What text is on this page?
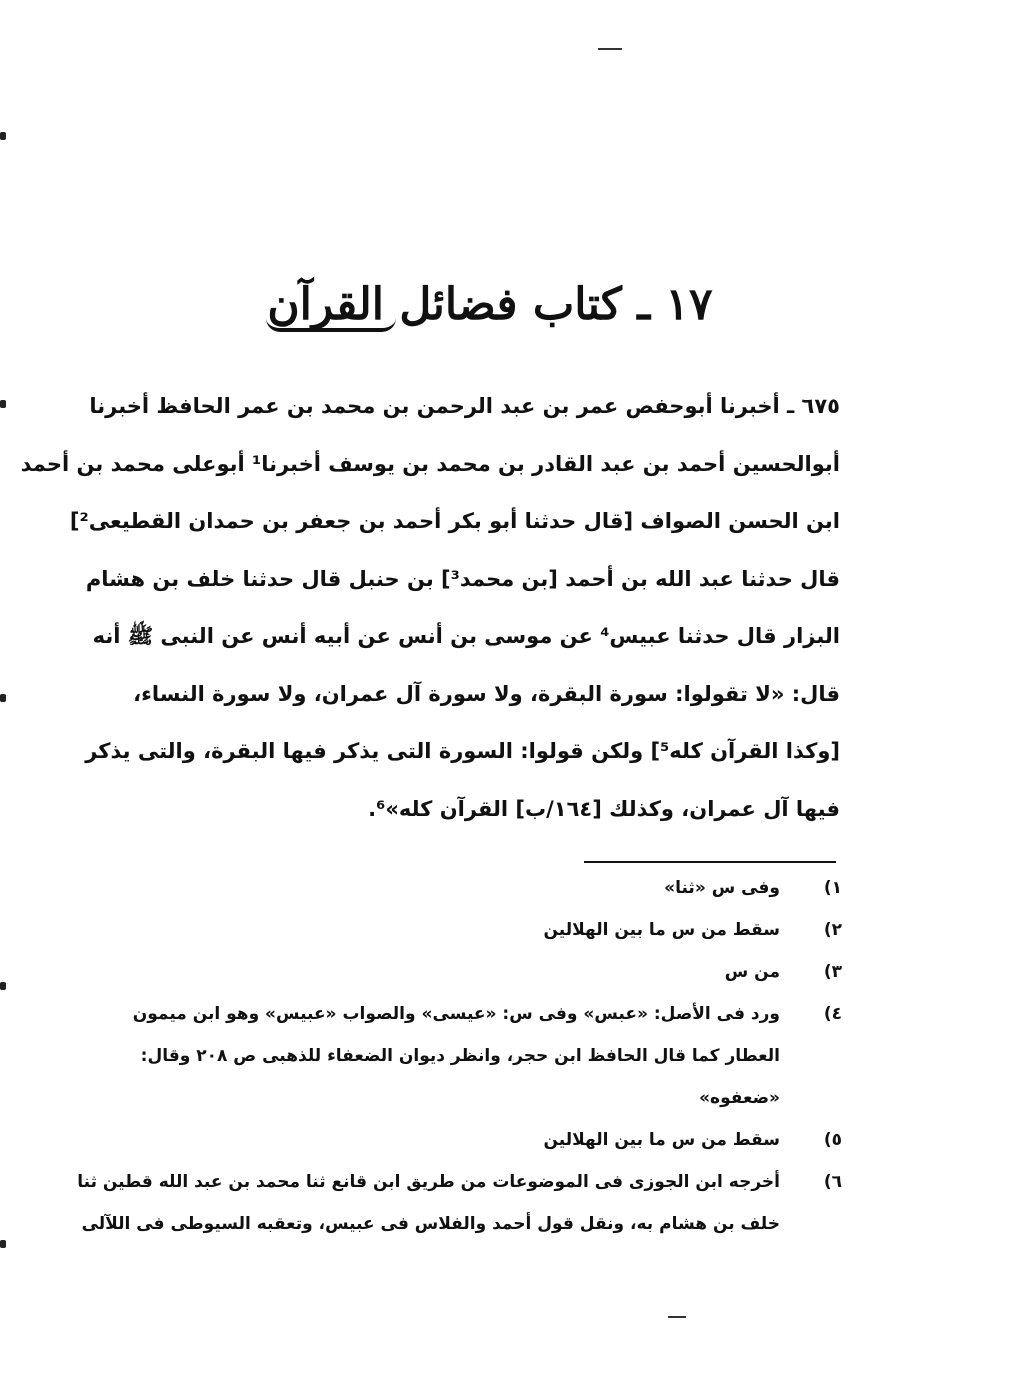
١٧ ـ كتاب فضائل القرآن
٦٧٥ ـ أخبرنا أبوحفص عمر بن عبد الرحمن بن محمد بن عمر الحافظ أخبرنا
أبوالحسين أحمد بن عبد القادر بن محمد بن يوسف أخبرنا¹ أبوعلى محمد بن أحمد
ابن الحسن الصواف [قال حدثنا أبو بكر أحمد بن جعفر بن حمدان القطيعى²]
قال حدثنا عبد الله بن أحمد [بن محمد³] بن حنبل قال حدثنا خلف بن هشام
البزار قال حدثنا عبيس⁴ عن موسى بن أنس عن أبيه أنس عن النبى ﷺ أنه
قال: «لا تقولوا: سورة البقرة، ولا سورة آل عمران، ولا سورة النساء،
[وكذا القرآن كله⁵] ولكن قولوا: السورة التى يذكر فيها البقرة، والتى يذكر
فيها آل عمران، وكذلك [١٦٤/ب] القرآن كله»⁶.
١)
وفى س «ثنا»
٢)
سقط من س ما بين الهلالين
٣)
من س
٤)
ورد فى الأصل: «عبس» وفى س: «عيسى» والصواب «عبيس» وهو ابن ميمون
العطار كما قال الحافظ ابن حجر، وانظر ديوان الضعفاء للذهبى ص ٢٠٨ وقال:
«ضعفوه»
٥)
سقط من س ما بين الهلالين
٦)
أخرجه ابن الجوزى فى الموضوعات من طريق ابن قانع ثنا محمد بن عبد الله قطين ثنا
خلف بن هشام به، ونقل قول أحمد والفلاس فى عبيس، وتعقبه السيوطى فى اللآلى
